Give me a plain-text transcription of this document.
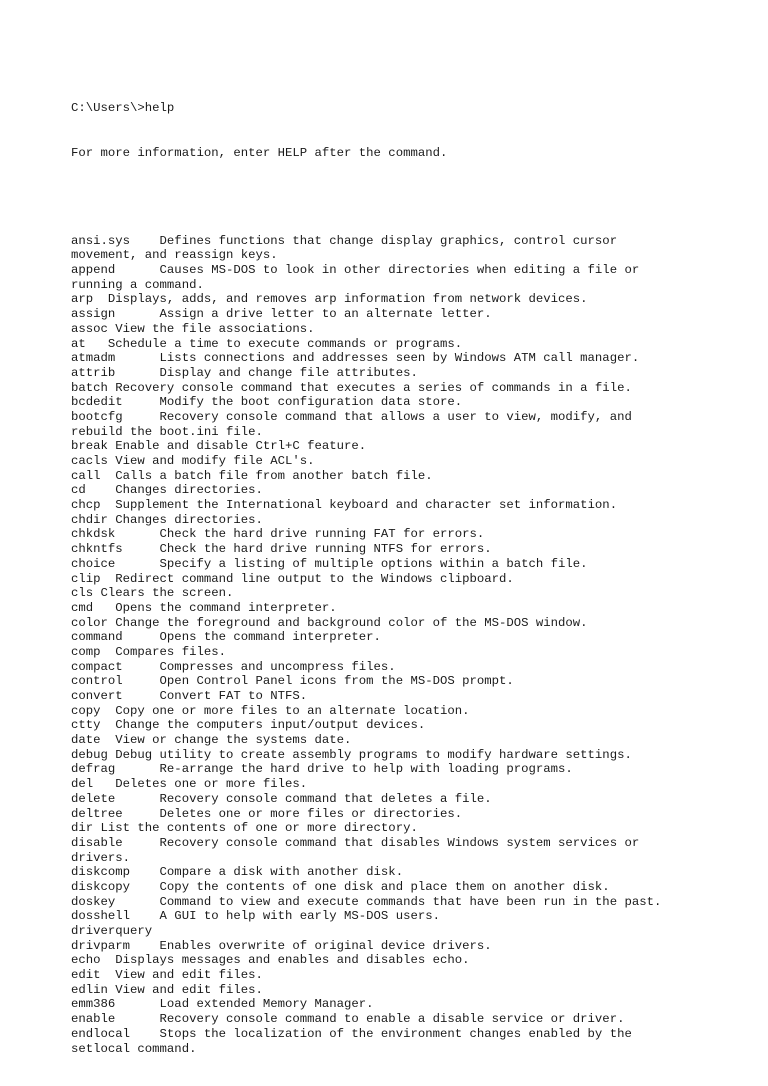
C:\Users\>help

For more information, enter HELP after the command.

ansi.sys    Defines functions that change display graphics, control cursor
movement, and reassign keys.
append      Causes MS-DOS to look in other directories when editing a file or
running a command.
arp  Displays, adds, and removes arp information from network devices.
assign      Assign a drive letter to an alternate letter.
assoc View the file associations.
at   Schedule a time to execute commands or programs.
atmadm      Lists connections and addresses seen by Windows ATM call manager.
attrib      Display and change file attributes.
batch Recovery console command that executes a series of commands in a file.
bcdedit     Modify the boot configuration data store.
bootcfg     Recovery console command that allows a user to view, modify, and
rebuild the boot.ini file.
break Enable and disable Ctrl+C feature.
cacls View and modify file ACL's.
call  Calls a batch file from another batch file.
cd    Changes directories.
chcp  Supplement the International keyboard and character set information.
chdir Changes directories.
chkdsk      Check the hard drive running FAT for errors.
chkntfs     Check the hard drive running NTFS for errors.
choice      Specify a listing of multiple options within a batch file.
clip  Redirect command line output to the Windows clipboard.
cls Clears the screen.
cmd   Opens the command interpreter.
color Change the foreground and background color of the MS-DOS window.
command     Opens the command interpreter.
comp  Compares files.
compact     Compresses and uncompress files.
control     Open Control Panel icons from the MS-DOS prompt.
convert     Convert FAT to NTFS.
copy  Copy one or more files to an alternate location.
ctty  Change the computers input/output devices.
date  View or change the systems date.
debug Debug utility to create assembly programs to modify hardware settings.
defrag      Re-arrange the hard drive to help with loading programs.
del   Deletes one or more files.
delete      Recovery console command that deletes a file.
deltree     Deletes one or more files or directories.
dir List the contents of one or more directory.
disable     Recovery console command that disables Windows system services or
drivers.
diskcomp    Compare a disk with another disk.
diskcopy    Copy the contents of one disk and place them on another disk.
doskey      Command to view and execute commands that have been run in the past.
dosshell    A GUI to help with early MS-DOS users.
driverquery
drivparm    Enables overwrite of original device drivers.
echo  Displays messages and enables and disables echo.
edit  View and edit files.
edlin View and edit files.
emm386      Load extended Memory Manager.
enable      Recovery console command to enable a disable service or driver.
endlocal    Stops the localization of the environment changes enabled by the
setlocal command.
